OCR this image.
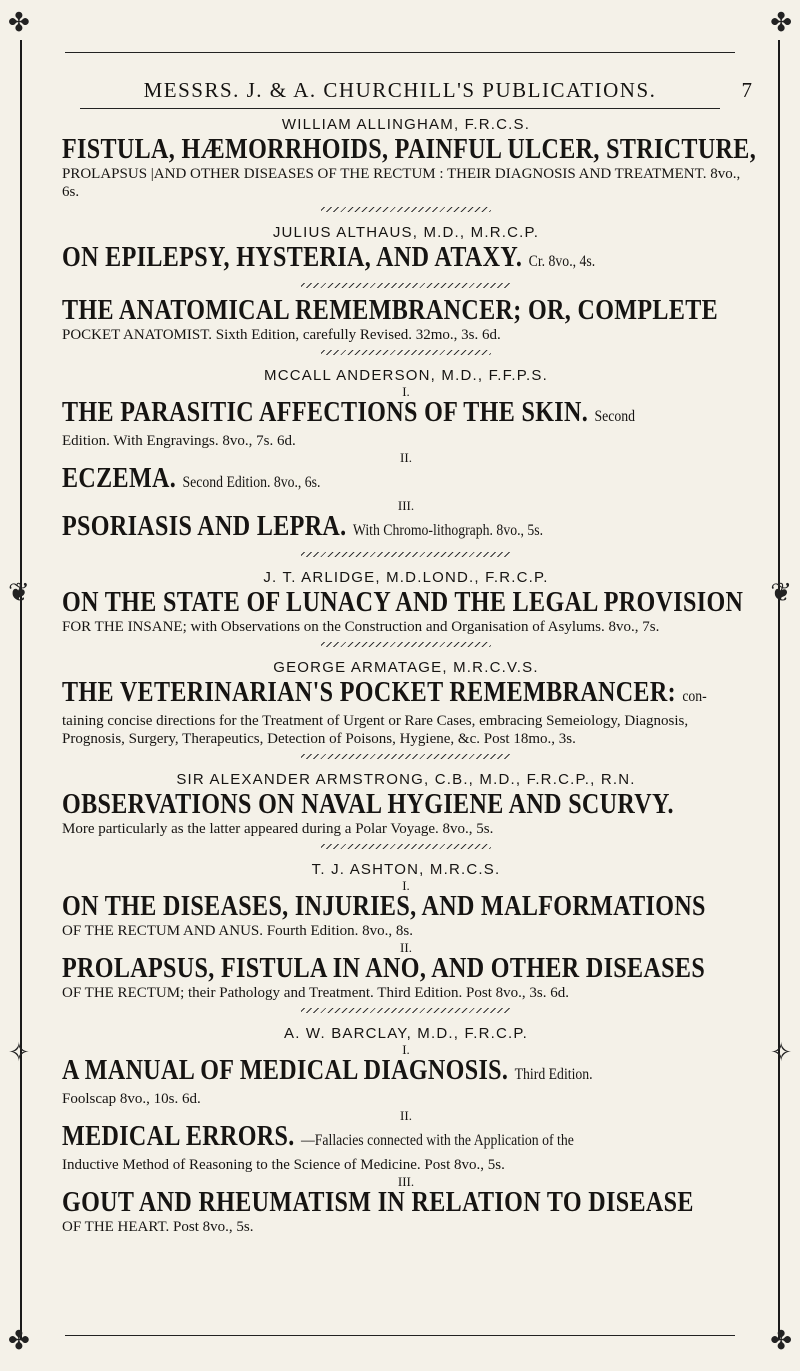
✤	✤
✤	✤
❦	❦
✧	✧
MESSRS. J. & A. CHURCHILL'S PUBLICATIONS.	7
WILLIAM ALLINGHAM, F.R.C.S.
FISTULA, HÆMORRHOIDS, PAINFUL ULCER, STRICTURE,
PROLAPSUS |AND OTHER DISEASES OF THE RECTUM : THEIR DIAGNOSIS AND TREATMENT. 8vo., 6s.
JULIUS ALTHAUS, M.D., M.R.C.P.
ON EPILEPSY, HYSTERIA, AND ATAXY. Cr. 8vo., 4s.
THE ANATOMICAL REMEMBRANCER; OR, COMPLETE
POCKET ANATOMIST. Sixth Edition, carefully Revised. 32mo., 3s. 6d.
MCCALL ANDERSON, M.D., F.F.P.S.
I.
THE PARASITIC AFFECTIONS OF THE SKIN. Second
Edition. With Engravings. 8vo., 7s. 6d.
II.
ECZEMA. Second Edition. 8vo., 6s.
III.
PSORIASIS AND LEPRA. With Chromo-lithograph. 8vo., 5s.
J. T. ARLIDGE, M.D.LOND., F.R.C.P.
ON THE STATE OF LUNACY AND THE LEGAL PROVISION
FOR THE INSANE; with Observations on the Construction and Organisation of Asylums. 8vo., 7s.
GEORGE ARMATAGE, M.R.C.V.S.
THE VETERINARIAN'S POCKET REMEMBRANCER: con-
taining concise directions for the Treatment of Urgent or Rare Cases, embracing Semeiology, Diagnosis, Prognosis, Surgery, Therapeutics, Detection of Poisons, Hygiene, &c. Post 18mo., 3s.
SIR ALEXANDER ARMSTRONG, C.B., M.D., F.R.C.P., R.N.
OBSERVATIONS ON NAVAL HYGIENE AND SCURVY.
More particularly as the latter appeared during a Polar Voyage. 8vo., 5s.
T. J. ASHTON, M.R.C.S.
I.
ON THE DISEASES, INJURIES, AND MALFORMATIONS
OF THE RECTUM AND ANUS. Fourth Edition. 8vo., 8s.
II.
PROLAPSUS, FISTULA IN ANO, AND OTHER DISEASES
OF THE RECTUM; their Pathology and Treatment. Third Edition. Post 8vo., 3s. 6d.
A. W. BARCLAY, M.D., F.R.C.P.
I.
A MANUAL OF MEDICAL DIAGNOSIS. Third Edition.
Foolscap 8vo., 10s. 6d.
II.
MEDICAL ERRORS. —Fallacies connected with the Application of the
Inductive Method of Reasoning to the Science of Medicine. Post 8vo., 5s.
III.
GOUT AND RHEUMATISM IN RELATION TO DISEASE
OF THE HEART. Post 8vo., 5s.
